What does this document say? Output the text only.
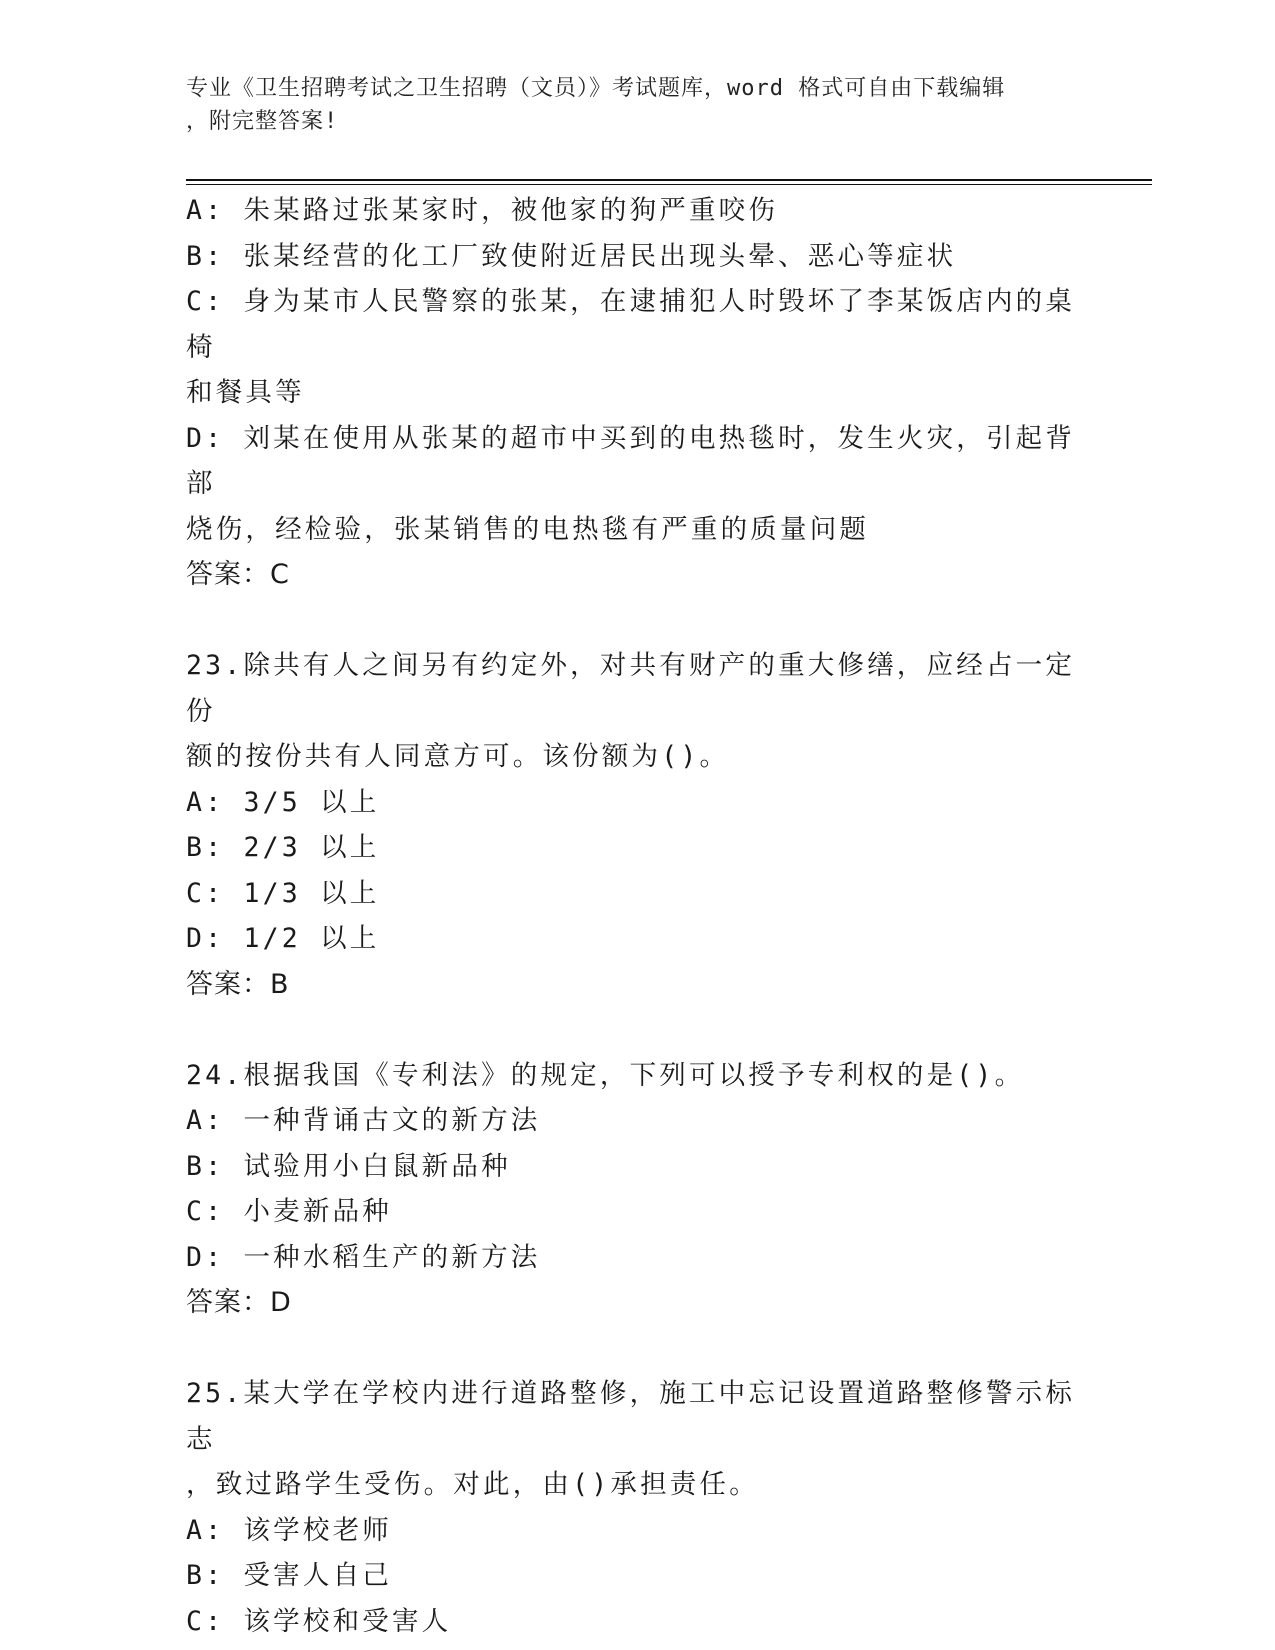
专业《卫生招聘考试之卫生招聘（文员）》考试题库，word 格式可自由下载编辑
，附完整答案!
A: 朱某路过张某家时，被他家的狗严重咬伤
B: 张某经营的化工厂致使附近居民出现头晕、恶心等症状
C: 身为某市人民警察的张某，在逮捕犯人时毁坏了李某饭店内的桌椅
和餐具等
D: 刘某在使用从张某的超市中买到的电热毯时，发生火灾，引起背部
烧伤，经检验，张某销售的电热毯有严重的质量问题
答案：C
23.除共有人之间另有约定外，对共有财产的重大修缮，应经占一定份
额的按份共有人同意方可。该份额为()。
A: 3/5 以上
B: 2/3 以上
C: 1/3 以上
D: 1/2 以上
答案：B
24.根据我国《专利法》的规定，下列可以授予专利权的是()。
A: 一种背诵古文的新方法
B: 试验用小白鼠新品种
C: 小麦新品种
D: 一种水稻生产的新方法
答案：D
25.某大学在学校内进行道路整修，施工中忘记设置道路整修警示标志
，致过路学生受伤。对此，由()承担责任。
A: 该学校老师
B: 受害人自己
C: 该学校和受害人
